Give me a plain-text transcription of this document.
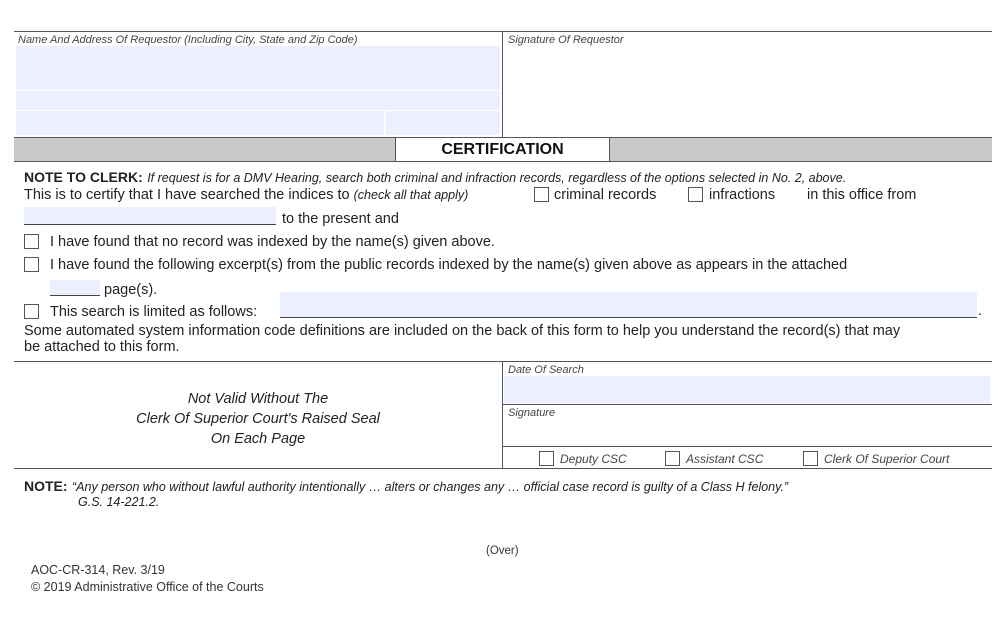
Name And Address Of Requestor (Including City, State and Zip Code)	Signature Of Requestor
CERTIFICATION
NOTE TO CLERK: If request is for a DMV Hearing, search both criminal and infraction records, regardless of the options selected in No. 2, above.
This is to certify that I have searched the indices to (check all that apply)	criminal records	infractions in this office from
to the present and
I have found that no record was indexed by the name(s) given above.
I have found the following excerpt(s) from the public records indexed by the name(s) given above as appears in the attached
page(s).
This search is limited as follows:	.
Some automated system information code definitions are included on the back of this form to help you understand the record(s) that may
be attached to this form.
Not Valid Without The
Clerk Of Superior Court's Raised Seal
On Each Page
Date Of Search
Signature
Deputy CSC	Assistant CSC	Clerk Of Superior Court
NOTE: “Any person who without lawful authority intentionally … alters or changes any … official case record is guilty of a Class H felony.”
G.S. 14-221.2.
(Over)
AOC-CR-314, Rev. 3/19
© 2019 Administrative Office of the Courts
